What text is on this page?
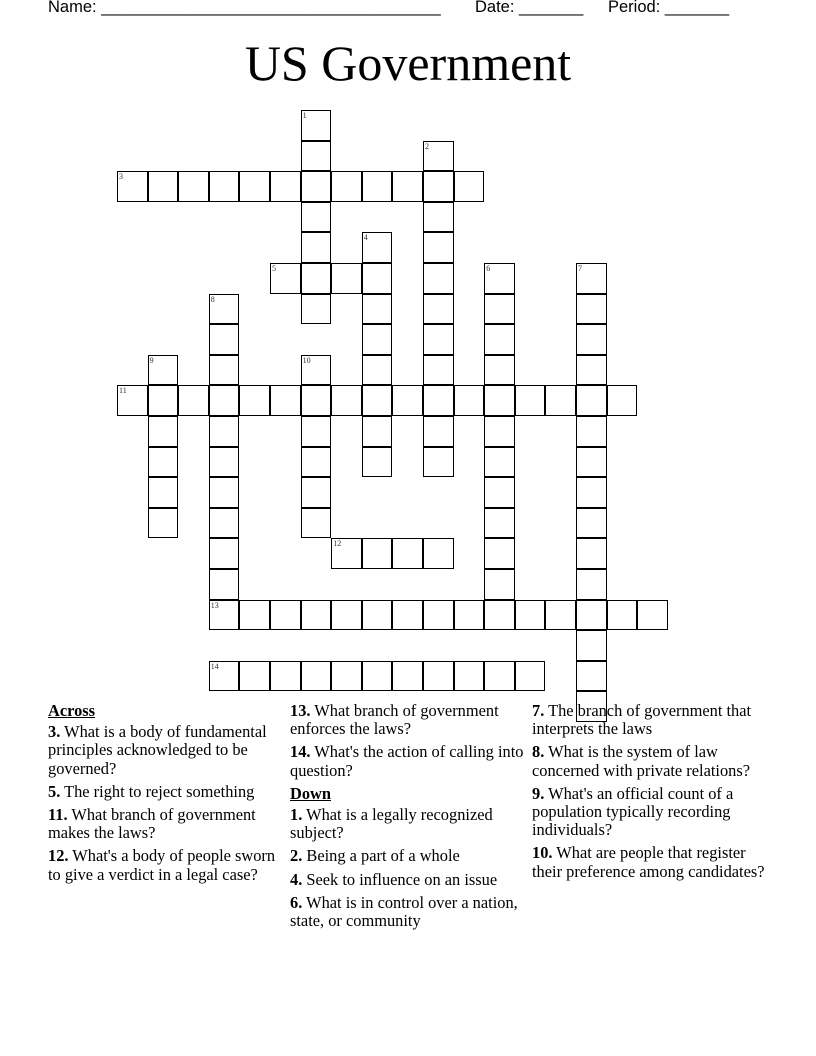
Name: _____________________________________

Date: _______

Period: _______

US Government
1
2
3
4
5	6	7
8
9	10
11
12
13
14
Across
3. What is a body of fundamental principles acknowledged to be governed?
5. The right to reject something
11. What branch of government makes the laws?
12. What's a body of people sworn to give a verdict in a legal case?
13. What branch of government enforces the laws?
14. What's the action of calling into question?
Down
1. What is a legally recognized subject?
2. Being a part of a whole
4. Seek to influence on an issue
6. What is in control over a nation, state, or community
7. The branch of government that interprets the laws
8. What is the system of law concerned with private relations?
9. What's an official count of a population typically recording individuals?
10. What are people that register their preference among candidates?
